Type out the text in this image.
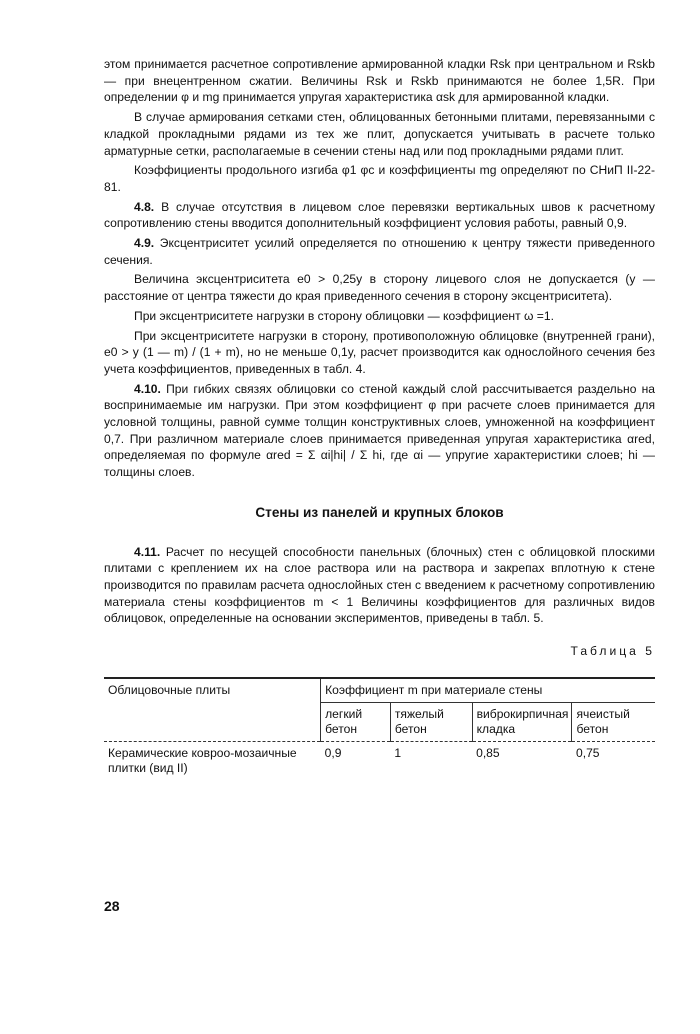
этом принимается расчетное сопротивление армированной кладки Rsk при центральном и Rskb — при внецентренном сжатии. Величины Rsk и Rskb принимаются не более 1,5R. При определении φ и mg принимается упругая характеристика αsk для армированной кладки.

В случае армирования сетками стен, облицованных бетонными плитами, перевязанными с кладкой прокладными рядами из тех же плит, допускается учитывать в расчете только арматурные сетки, располагаемые в сечении стены над или под прокладными рядами плит.

Коэффициенты продольного изгиба φ1 φc и коэффициенты mg определяют по СНиП II-22-81.

4.8. В случае отсутствия в лицевом слое перевязки вертикальных швов к расчетному сопротивлению стены вводится дополнительный коэффициент условия работы, равный 0,9.

4.9. Эксцентриситет усилий определяется по отношению к центру тяжести приведенного сечения.

Величина эксцентриситета e0 > 0,25y в сторону лицевого слоя не допускается (y — расстояние от центра тяжести до края приведенного сечения в сторону эксцентриситета).

При эксцентриситете нагрузки в сторону облицовки — коэффициент ω =1.

При эксцентриситете нагрузки в сторону, противоположную облицовке (внутренней грани), e0 > y (1 — m) / (1 + m), но не меньше 0,1y, расчет производится как однослойного сечения без учета коэффициентов, приведенных в табл. 4.

4.10. При гибких связях облицовки со стеной каждый слой рассчитывается раздельно на воспринимаемые им нагрузки. При этом коэффициент φ при расчете слоев принимается для условной толщины, равной сумме толщин конструктивных слоев, умноженной на коэффициент 0,7. При различном материале слоев принимается приведенная упругая характеристика αred, определяемая по формуле αred = Σ αi|hi| / Σ hi, где αi — упругие характеристики слоев; hi — толщины слоев.

Стены из панелей и крупных блоков

4.11. Расчет по несущей способности панельных (блочных) стен с облицовкой плоскими плитами с креплением их на слое раствора или на раствора и закрепах вплотную к стене производится по правилам расчета однослойных стен с введением к расчетному сопротивлению материала стены коэффициентов m < 1 Величины коэффициентов для различных видов облицовок, определенные на основании экспериментов, приведены в табл. 5.

Таблица 5
Облицовочные плиты	Коэффициент m при материале стены			
	легкий бетон	тяжелый бетон	виброкирпичная кладка	ячеистый бетон
Керамические ковроо-мозаичные плитки (вид II)	0,9	1	0,85	0,75
28
